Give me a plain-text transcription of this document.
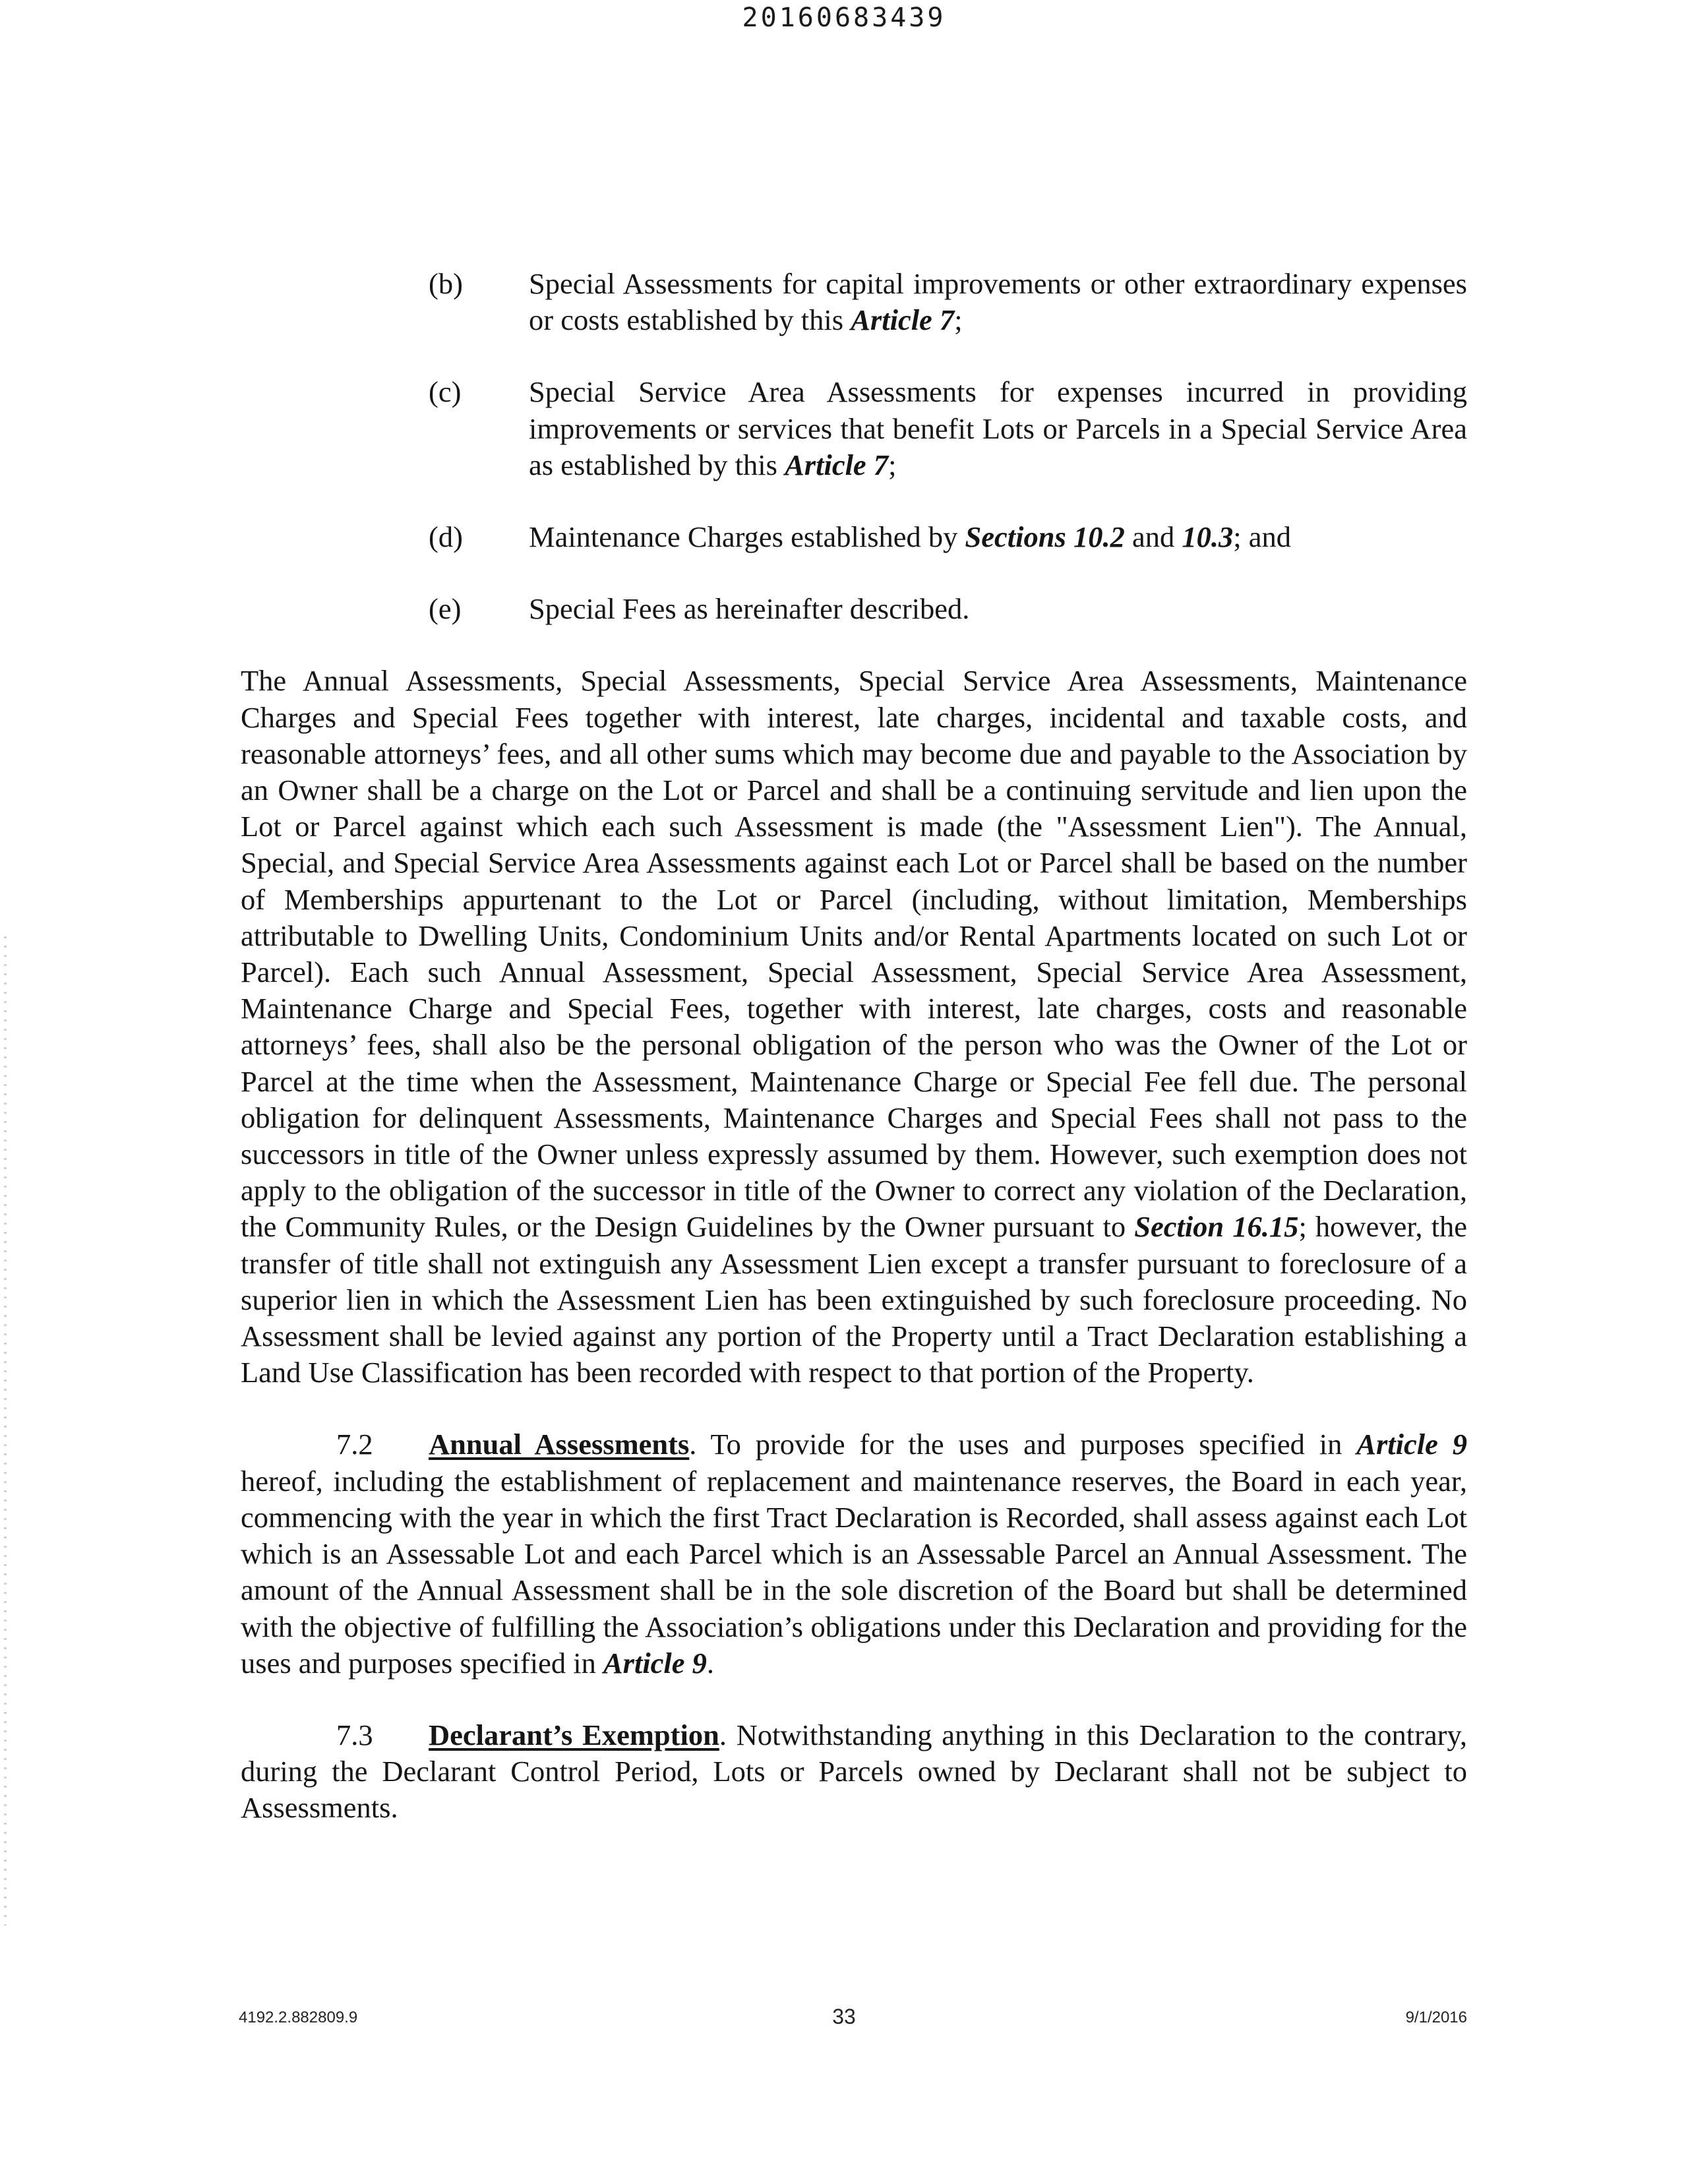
20160683439
(b) Special Assessments for capital improvements or other extraordinary expenses or costs established by this Article 7;
(c) Special Service Area Assessments for expenses incurred in providing improvements or services that benefit Lots or Parcels in a Special Service Area as established by this Article 7;
(d) Maintenance Charges established by Sections 10.2 and 10.3; and
(e) Special Fees as hereinafter described.

The Annual Assessments, Special Assessments, Special Service Area Assessments, Maintenance Charges and Special Fees together with interest, late charges, incidental and taxable costs, and reasonable attorneys’ fees, and all other sums which may become due and payable to the Association by an Owner shall be a charge on the Lot or Parcel and shall be a continuing servitude and lien upon the Lot or Parcel against which each such Assessment is made (the "Assessment Lien"). The Annual, Special, and Special Service Area Assessments against each Lot or Parcel shall be based on the number of Memberships appurtenant to the Lot or Parcel (including, without limitation, Memberships attributable to Dwelling Units, Condominium Units and/or Rental Apartments located on such Lot or Parcel). Each such Annual Assessment, Special Assessment, Special Service Area Assessment, Maintenance Charge and Special Fees, together with interest, late charges, costs and reasonable attorneys’ fees, shall also be the personal obligation of the person who was the Owner of the Lot or Parcel at the time when the Assessment, Maintenance Charge or Special Fee fell due. The personal obligation for delinquent Assessments, Maintenance Charges and Special Fees shall not pass to the successors in title of the Owner unless expressly assumed by them. However, such exemption does not apply to the obligation of the successor in title of the Owner to correct any violation of the Declaration, the Community Rules, or the Design Guidelines by the Owner pursuant to Section 16.15; however, the transfer of title shall not extinguish any Assessment Lien except a transfer pursuant to foreclosure of a superior lien in which the Assessment Lien has been extinguished by such foreclosure proceeding. No Assessment shall be levied against any portion of the Property until a Tract Declaration establishing a Land Use Classification has been recorded with respect to that portion of the Property.

7.2 Annual Assessments. To provide for the uses and purposes specified in Article 9 hereof, including the establishment of replacement and maintenance reserves, the Board in each year, commencing with the year in which the first Tract Declaration is Recorded, shall assess against each Lot which is an Assessable Lot and each Parcel which is an Assessable Parcel an Annual Assessment. The amount of the Annual Assessment shall be in the sole discretion of the Board but shall be determined with the objective of fulfilling the Association’s obligations under this Declaration and providing for the uses and purposes specified in Article 9.

7.3 Declarant’s Exemption. Notwithstanding anything in this Declaration to the contrary, during the Declarant Control Period, Lots or Parcels owned by Declarant shall not be subject to Assessments.

4192.2.882809.9	33	9/1/2016
